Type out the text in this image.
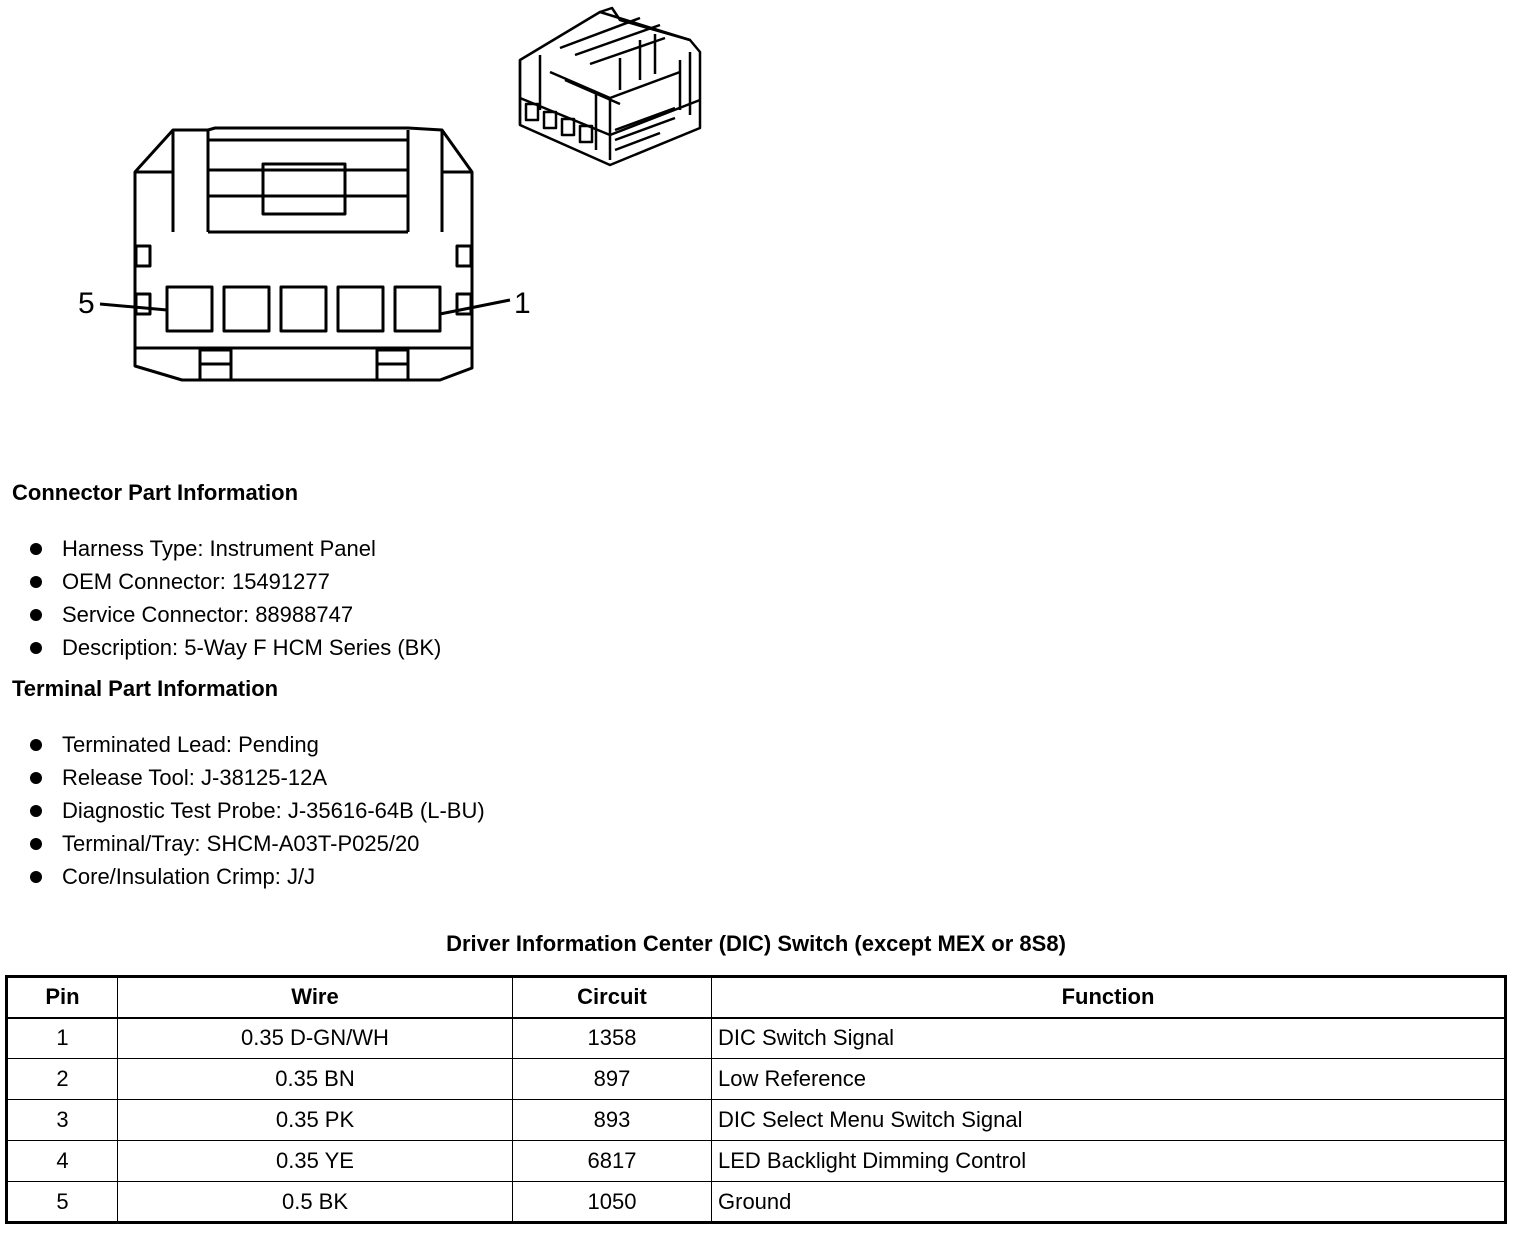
5	1
Connector Part Information
Harness Type: Instrument Panel
OEM Connector: 15491277
Service Connector: 88988747
Description: 5-Way F HCM Series (BK)
Terminal Part Information
Terminated Lead: Pending
Release Tool: J-38125-12A
Diagnostic Test Probe: J-35616-64B (L-BU)
Terminal/Tray: SHCM-A03T-P025/20
Core/Insulation Crimp: J/J
Driver Information Center (DIC) Switch (except MEX or 8S8)
Pin	Wire	Circuit	Function
1	0.35 D-GN/WH	1358	DIC Switch Signal
2	0.35 BN	897	Low Reference
3	0.35 PK	893	DIC Select Menu Switch Signal
4	0.35 YE	6817	LED Backlight Dimming Control
5	0.5 BK	1050	Ground
